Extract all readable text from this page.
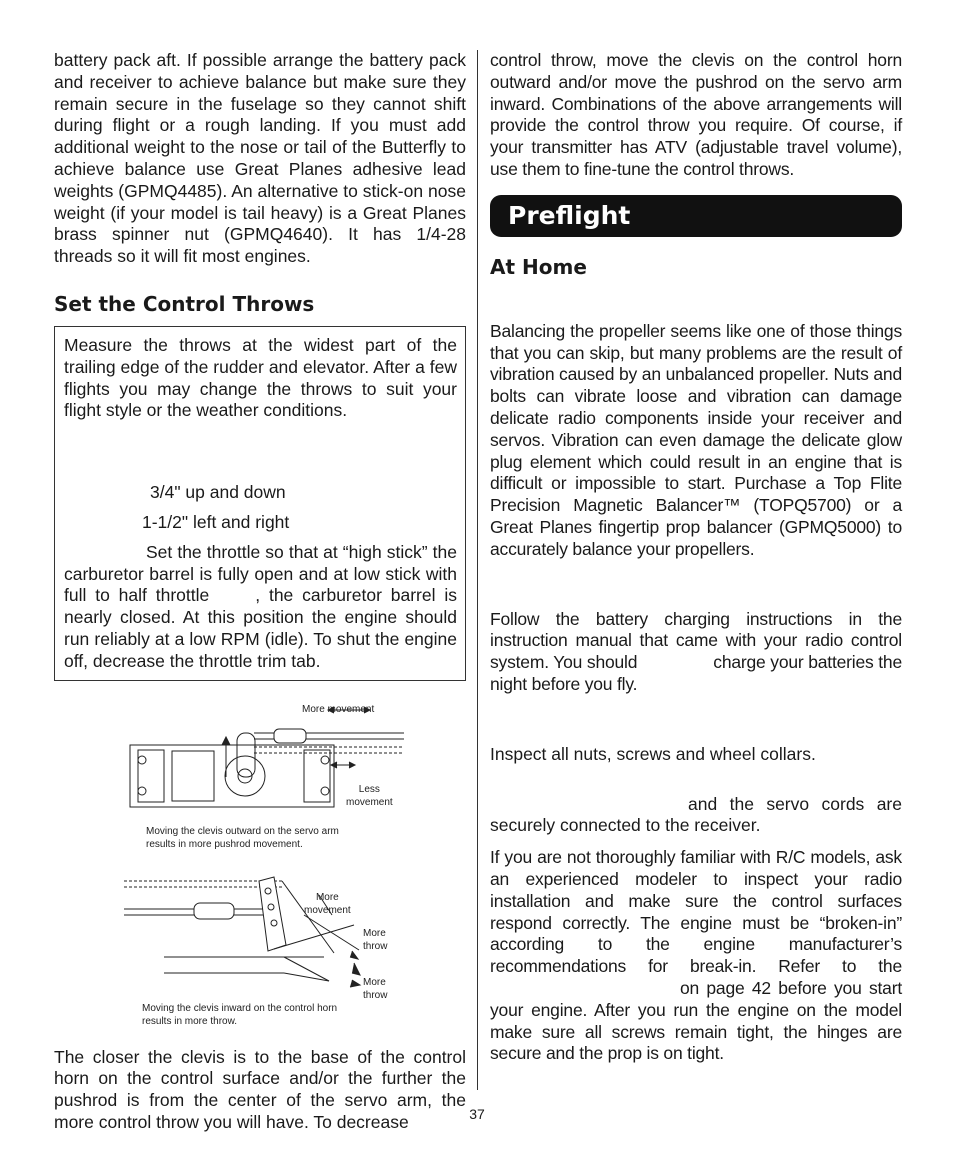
battery pack aft. If possible arrange the battery pack and receiver to achieve balance but make sure they remain secure in the fuselage so they cannot shift during flight or a rough landing. If you must add additional weight to the nose or tail of the Butterfly to achieve balance use Great Planes adhesive lead weights (GPMQ4485). An alternative to stick-on nose weight (if your model is tail heavy) is a Great Planes brass spinner nut (GPMQ4640). It has 1/4-28 threads so it will fit most engines.

Set the Control Throws

Measure the throws at the widest part of the trailing edge of the rudder and elevator. After a few flights you may change the throws to suit your flight style or the weather conditions.

3/4" up and down

1-1/2" left and right

Set the throttle so that at “high stick” the carburetor barrel is fully open and at low stick with full to half throttle	, the carburetor barrel is nearly closed. At this position the engine should run reliably at a low RPM (idle). To shut the engine off, decrease the throttle trim tab.

More movement
Less
movement
Moving the clevis outward on the servo arm
results in more pushrod movement.
More
movement
More
throw
More
throw
Moving the clevis inward on the control horn
results in more throw.

The closer the clevis is to the base of the control horn on the control surface and/or the further the pushrod is from the center of the servo arm, the more control throw you will have. To decrease

control throw, move the clevis on the control horn outward and/or move the pushrod on the servo arm inward. Combinations of the above arrangements will provide the control throw you require. Of course, if your transmitter has ATV (adjustable travel volume), use them to fine-tune the control throws.

Preflight
At Home

Balancing the propeller seems like one of those things that you can skip, but many problems are the result of vibration caused by an unbalanced propeller. Nuts and bolts can vibrate loose and vibration can damage delicate radio components inside your receiver and servos. Vibration can even damage the delicate glow plug element which could result in an engine that is difficult or impossible to start. Purchase a Top Flite Precision Magnetic Balancer™ (TOPQ5700) or a Great Planes fingertip prop balancer (GPMQ5000) to accurately balance your propellers.

Follow the battery charging instructions in the instruction manual that came with your radio control system. You should	charge your batteries the night before you fly.

Inspect all nuts, screws and wheel collars.

and the servo cords are securely connected to the receiver.

If you are not thoroughly familiar with R/C models, ask an experienced modeler to inspect your radio installation and make sure the control surfaces respond correctly. The engine must be “broken-in” according to the engine manufacturer’s recommendations for break-in. Refer to theon page 42 before you start your engine. After you run the engine on the model make sure all screws remain tight, the hinges are secure and the prop is on tight.

37
